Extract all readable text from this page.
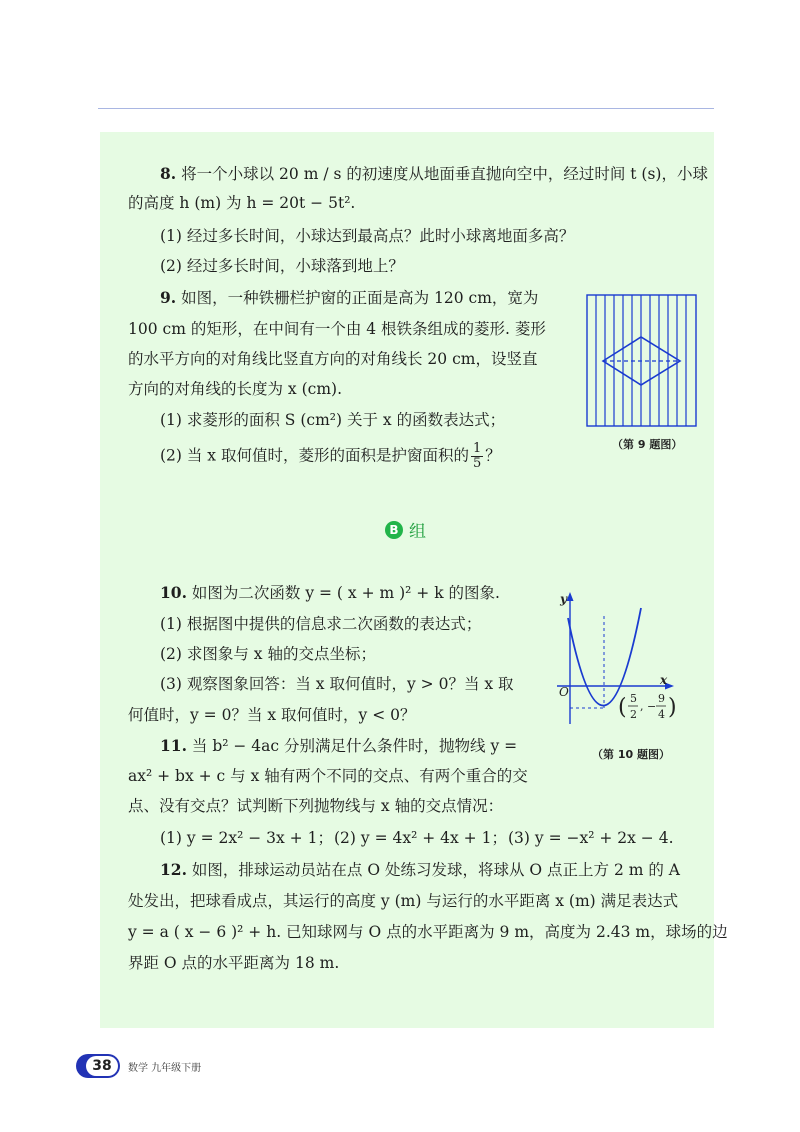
8. 将一个小球以 20 m / s 的初速度从地面垂直抛向空中，经过时间 t (s)，小球
的高度 h (m) 为 h = 20t − 5t².
(1) 经过多长时间，小球达到最高点？此时小球离地面多高？
(2) 经过多长时间，小球落到地上？
9. 如图，一种铁栅栏护窗的正面是高为 120 cm，宽为
100 cm 的矩形，在中间有一个由 4 根铁条组成的菱形. 菱形
的水平方向的对角线比竖直方向的对角线长 20 cm，设竖直
方向的对角线的长度为 x (cm).
(1) 求菱形的面积 S (cm²) 关于 x 的函数表达式；
(2) 当 x 取何值时，菱形的面积是护窗面积的 $\frac{1}{5}$ ？
（第 9 题图）
B 组
10. 如图为二次函数 y = ( x + m )² + k 的图象.
(1) 根据图中提供的信息求二次函数的表达式；
(2) 求图象与 x 轴的交点坐标；
(3) 观察图象回答：当 x 取何值时，y > 0？当 x 取
何值时，y = 0？当 x 取何值时，y < 0？
y
x
O
( 5
2
, −
9
4 )
（第 10 题图）
11. 当 b² − 4ac 分别满足什么条件时，抛物线 y =
ax² + bx + c 与 x 轴有两个不同的交点、有两个重合的交
点、没有交点？试判断下列抛物线与 x 轴的交点情况：
(1) y = 2x² − 3x + 1； (2) y = 4x² + 4x + 1； (3) y = −x² + 2x − 4.
12. 如图，排球运动员站在点 O 处练习发球，将球从 O 点正上方 2 m 的 A
处发出，把球看成点，其运行的高度 y (m) 与运行的水平距离 x (m) 满足表达式
y = a ( x − 6 )² + h. 已知球网与 O 点的水平距离为 9 m，高度为 2.43 m，球场的边
界距 O 点的水平距离为 18 m.
38	数学 九年级下册
